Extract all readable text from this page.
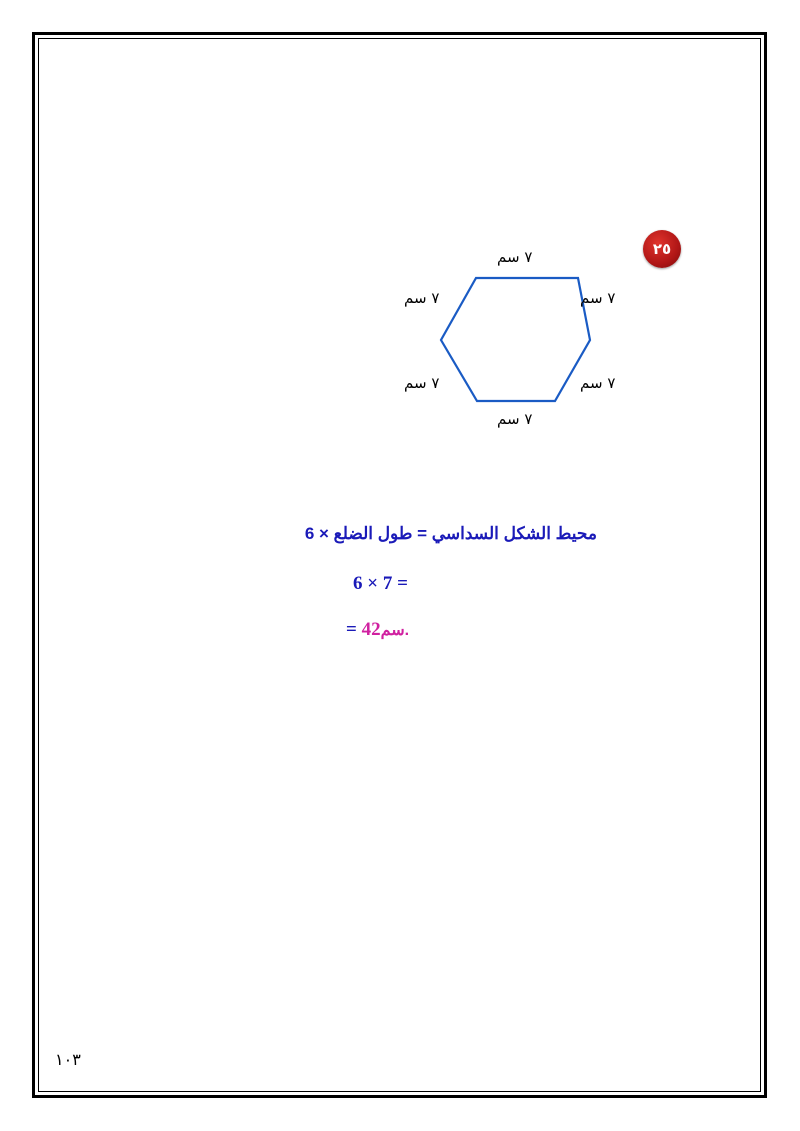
٢٥
٧ سم
٧ سم	٧ سم
٧ سم	٧ سم
٧ سم
محيط الشكل السداسي = طول الضلع × 6
6 × 7 =
= 42سم.
١٠٣
